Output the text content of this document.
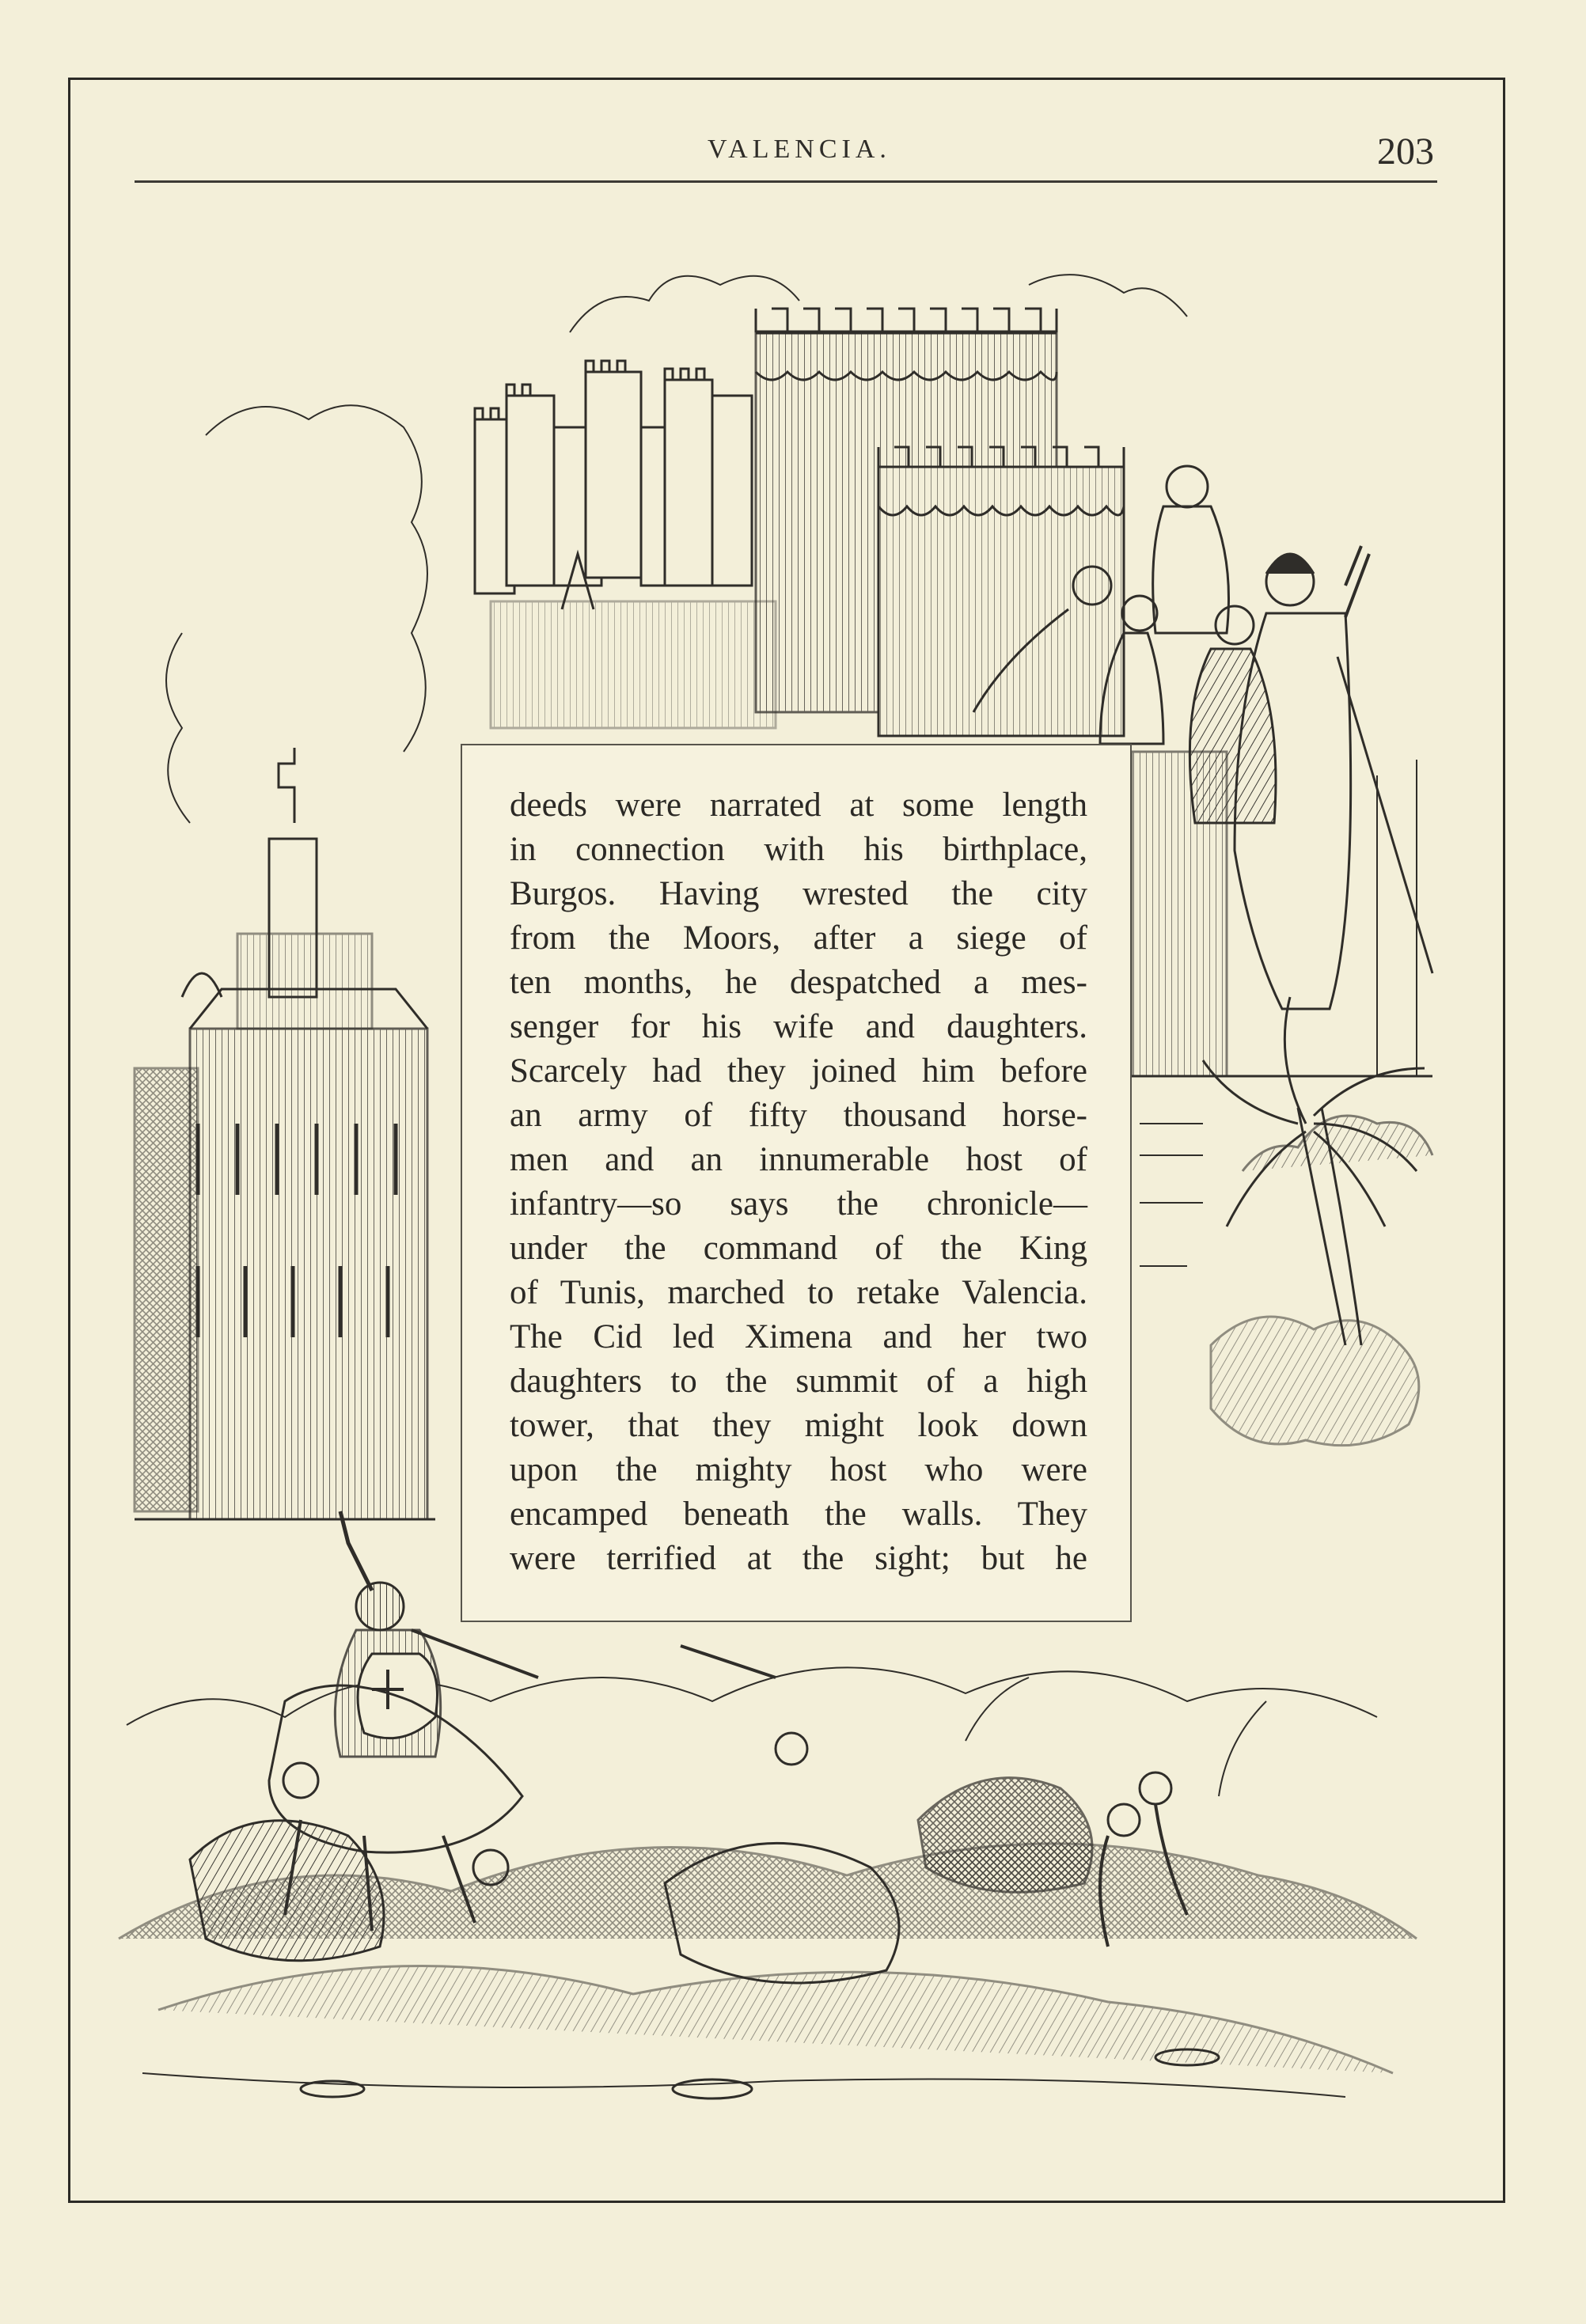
VALENCIA.	203
deeds were narrated at some length
in connection with his birthplace,
Burgos. Having wrested the city
from the Moors, after a siege of
ten months, he despatched a mes-
senger for his wife and daughters.
Scarcely had they joined him before
an army of fifty thousand horse-
men and an innumerable host of
infantry—so says the chronicle—
under the command of the King
of Tunis, marched to retake Valencia.
The Cid led Ximena and her two
daughters to the summit of a high
tower, that they might look down
upon the mighty host who were
encamped beneath the walls. They
were terrified at the sight; but he
